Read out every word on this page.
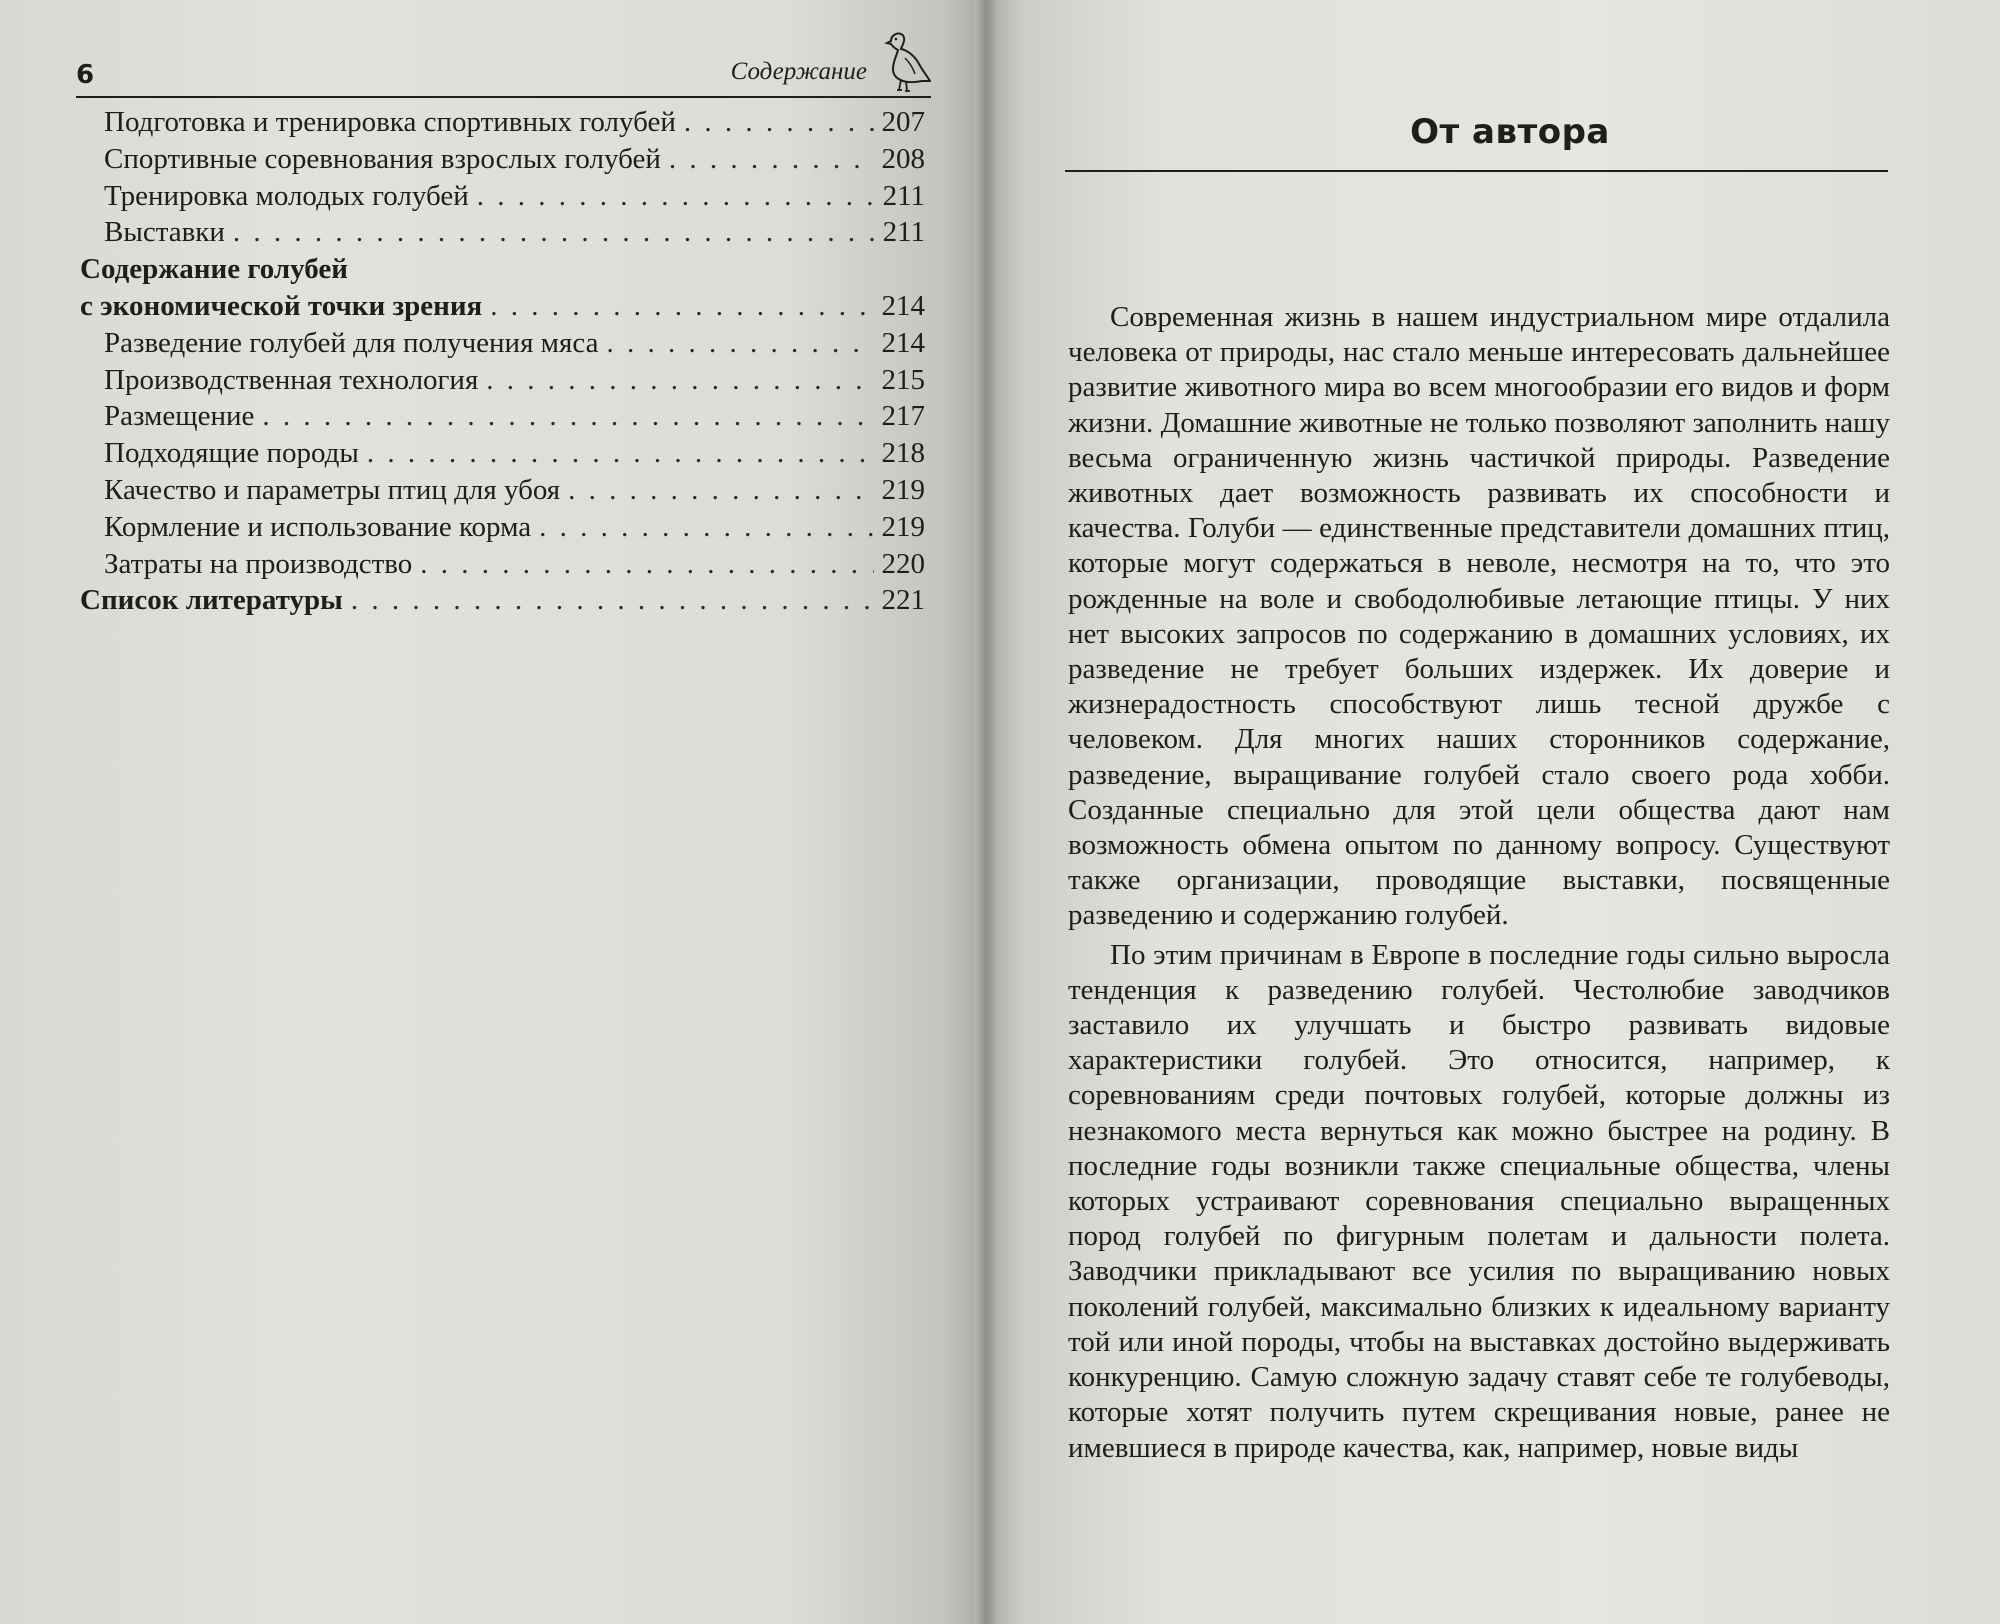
6	Содержание
Подготовка и тренировка спортивных голубей . . .	207
Спортивные соревнования взрослых голубей . . .	208
Тренировка молодых голубей . . .	211
Выставки . . .	211
Содержание голубей
с экономической точки зрения . . .	214
Разведение голубей для получения мяса . . .	214
Производственная технология . . .	215
Размещение . . .	217
Подходящие породы . . .	218
Качество и параметры птиц для убоя . . .	219
Кормление и использование корма . . .	219
Затраты на производство . . .	220
Список литературы . . .	221
От автора

Современная жизнь в нашем индустриальном мире отдалила человека от природы, нас стало меньше интересовать дальнейшее развитие животного мира во всем многообразии его видов и форм жизни. Домашние животные не только позволяют заполнить нашу весьма ограниченную жизнь частичкой природы. Разведение животных дает возможность развивать их способности и качества. Голуби — единственные представители домашних птиц, которые могут содержаться в неволе, несмотря на то, что это рожденные на воле и свободолюбивые летающие птицы. У них нет высоких запросов по содержанию в домашних условиях, их разведение не требует больших издержек. Их доверие и жизнерадостность способствуют лишь тесной дружбе с человеком. Для многих наших сторонников содержание, разведение, выращивание голубей стало своего рода хобби. Созданные специально для этой цели общества дают нам возможность обмена опытом по данному вопросу. Существуют также организации, проводящие выставки, посвященные разведению и содержанию голубей.

По этим причинам в Европе в последние годы сильно выросла тенденция к разведению голубей. Честолюбие заводчиков заставило их улучшать и быстро развивать видовые характеристики голубей. Это относится, например, к соревнованиям среди почтовых голубей, которые должны из незнакомого места вернуться как можно быстрее на родину. В последние годы возникли также специальные общества, члены которых устраивают соревнования специально выращенных пород голубей по фигурным полетам и дальности полета. Заводчики прикладывают все усилия по выращиванию новых поколений голубей, максимально близких к идеальному варианту той или иной породы, чтобы на выставках достойно выдерживать конкуренцию. Самую сложную задачу ставят себе те голубеводы, которые хотят получить путем скрещивания новые, ранее не имевшиеся в природе качества, как, например, новые виды
